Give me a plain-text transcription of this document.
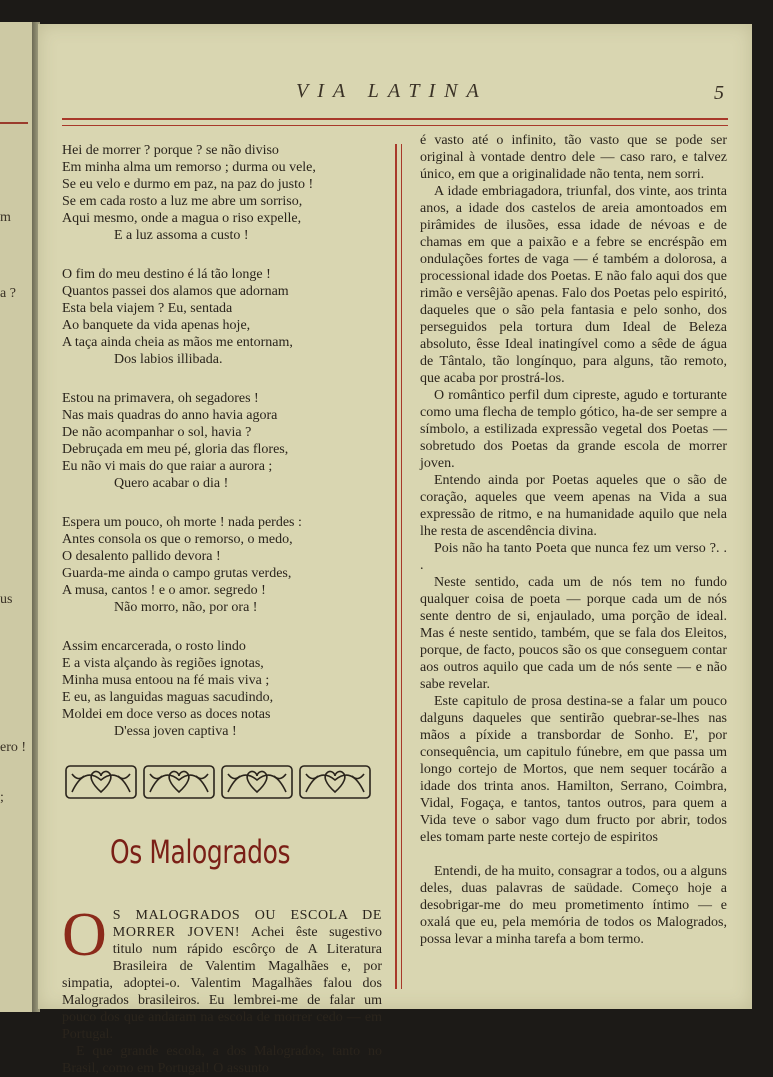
m
a ?
us
ero !
;
VIA LATINA	5
Hei de morrer ? porque ? se não diviso
Em minha alma um remorso ; durma ou vele,
Se eu velo e durmo em paz, na paz do justo !
Se em cada rosto a luz me abre um sorriso,
Aqui mesmo, onde a magua o riso expelle,
E a luz assoma a custo !
O fim do meu destino é lá tão longe !
Quantos passei dos alamos que adornam
Esta bela viajem ? Eu, sentada
Ao banquete da vida apenas hoje,
A taça ainda cheia as mãos me entornam,
Dos labios illibada.
Estou na primavera, oh segadores !
Nas mais quadras do anno havia agora
De não acompanhar o sol, havia ?
Debruçada em meu pé, gloria das flores,
Eu não vi mais do que raiar a aurora ;
Quero acabar o dia !
Espera um pouco, oh morte ! nada perdes :
Antes consola os que o remorso, o medo,
O desalento pallido devora !
Guarda-me ainda o campo grutas verdes,
A musa, cantos ! e o amor. segredo !
Não morro, não, por ora !
Assim encarcerada, o rosto lindo
E a vista alçando às regiões ignotas,
Minha musa entoou na fé mais viva ;
E eu, as languidas maguas sacudindo,
Moldei em doce verso as doces notas
D'essa joven captiva !
Os Malogrados
O S MALOGRADOS OU ESCOLA DE MORRER JOVEN! Achei êste sugestivo titulo num rápido escôrço de A Literatura Brasileira de Valentim Magalhães e, por simpatia, adoptei-o. Valentim Magalhães falou dos Malogrados brasileiros. Eu lembrei-me de falar um pouco dos que andaram na escola de morrer cedo — em Portugal.

E que grande escola, a dos Malogrados, tanto no Brasil, como em Portugal! O assunto

é vasto até o infinito, tão vasto que se pode ser original à vontade dentro dele — caso raro, e talvez único, em que a originalidade não tenta, nem sorri.

A idade embriagadora, triunfal, dos vinte, aos trinta anos, a idade dos castelos de areia amontoados em pirâmides de ilusões, essa idade de névoas e de chamas em que a paixão e a febre se encréspão em ondulações fortes de vaga — é também a dolorosa, a processional idade dos Poetas. E não falo aqui dos que rimão e versêjão apenas. Falo dos Poetas pelo espiritó, daqueles que o são pela fantasia e pelo sonho, dos perseguidos pela tortura dum Ideal de Beleza absoluto, êsse Ideal inatingível como a sêde de água de Tântalo, tão longínquo, para alguns, tão remoto, que acaba por prostrá-los.

O romântico perfil dum cipreste, agudo e torturante como uma flecha de templo gótico, ha-de ser sempre a símbolo, a estilizada expressão vegetal dos Poetas — sobretudo dos Poetas da grande escola de morrer joven.

Entendo ainda por Poetas aqueles que o são de coração, aqueles que veem apenas na Vida a sua expressão de ritmo, e na humanidade aquilo que nela lhe resta de ascendência divina.

Pois não ha tanto Poeta que nunca fez um verso ?. . .

Neste sentido, cada um de nós tem no fundo qualquer coisa de poeta — porque cada um de nós sente dentro de si, enjaulado, uma porção de ideal. Mas é neste sentido, também, que se fala dos Eleitos, porque, de facto, poucos são os que conseguem contar aos outros aquilo que cada um de nós sente — e não sabe revelar.

Este capitulo de prosa destina-se a falar um pouco dalguns daqueles que sentirão quebrar-se-lhes nas mãos a píxide a transbordar de Sonho. E', por consequência, um capitulo fúnebre, em que passa um longo cortejo de Mortos, que nem sequer tocárão a idade dos trinta anos. Hamilton, Serrano, Coimbra, Vidal, Fogaça, e tantos, tantos outros, para quem a Vida teve o sabor vago dum fructo por abrir, todos eles tomam parte neste cortejo de espiritos

Entendi, de ha muito, consagrar a todos, ou a alguns deles, duas palavras de saüdade. Começo hoje a desobrigar-me do meu prometimento íntimo — e oxalá que eu, pela memória de todos os Malogrados, possa levar a minha tarefa a bom termo.
